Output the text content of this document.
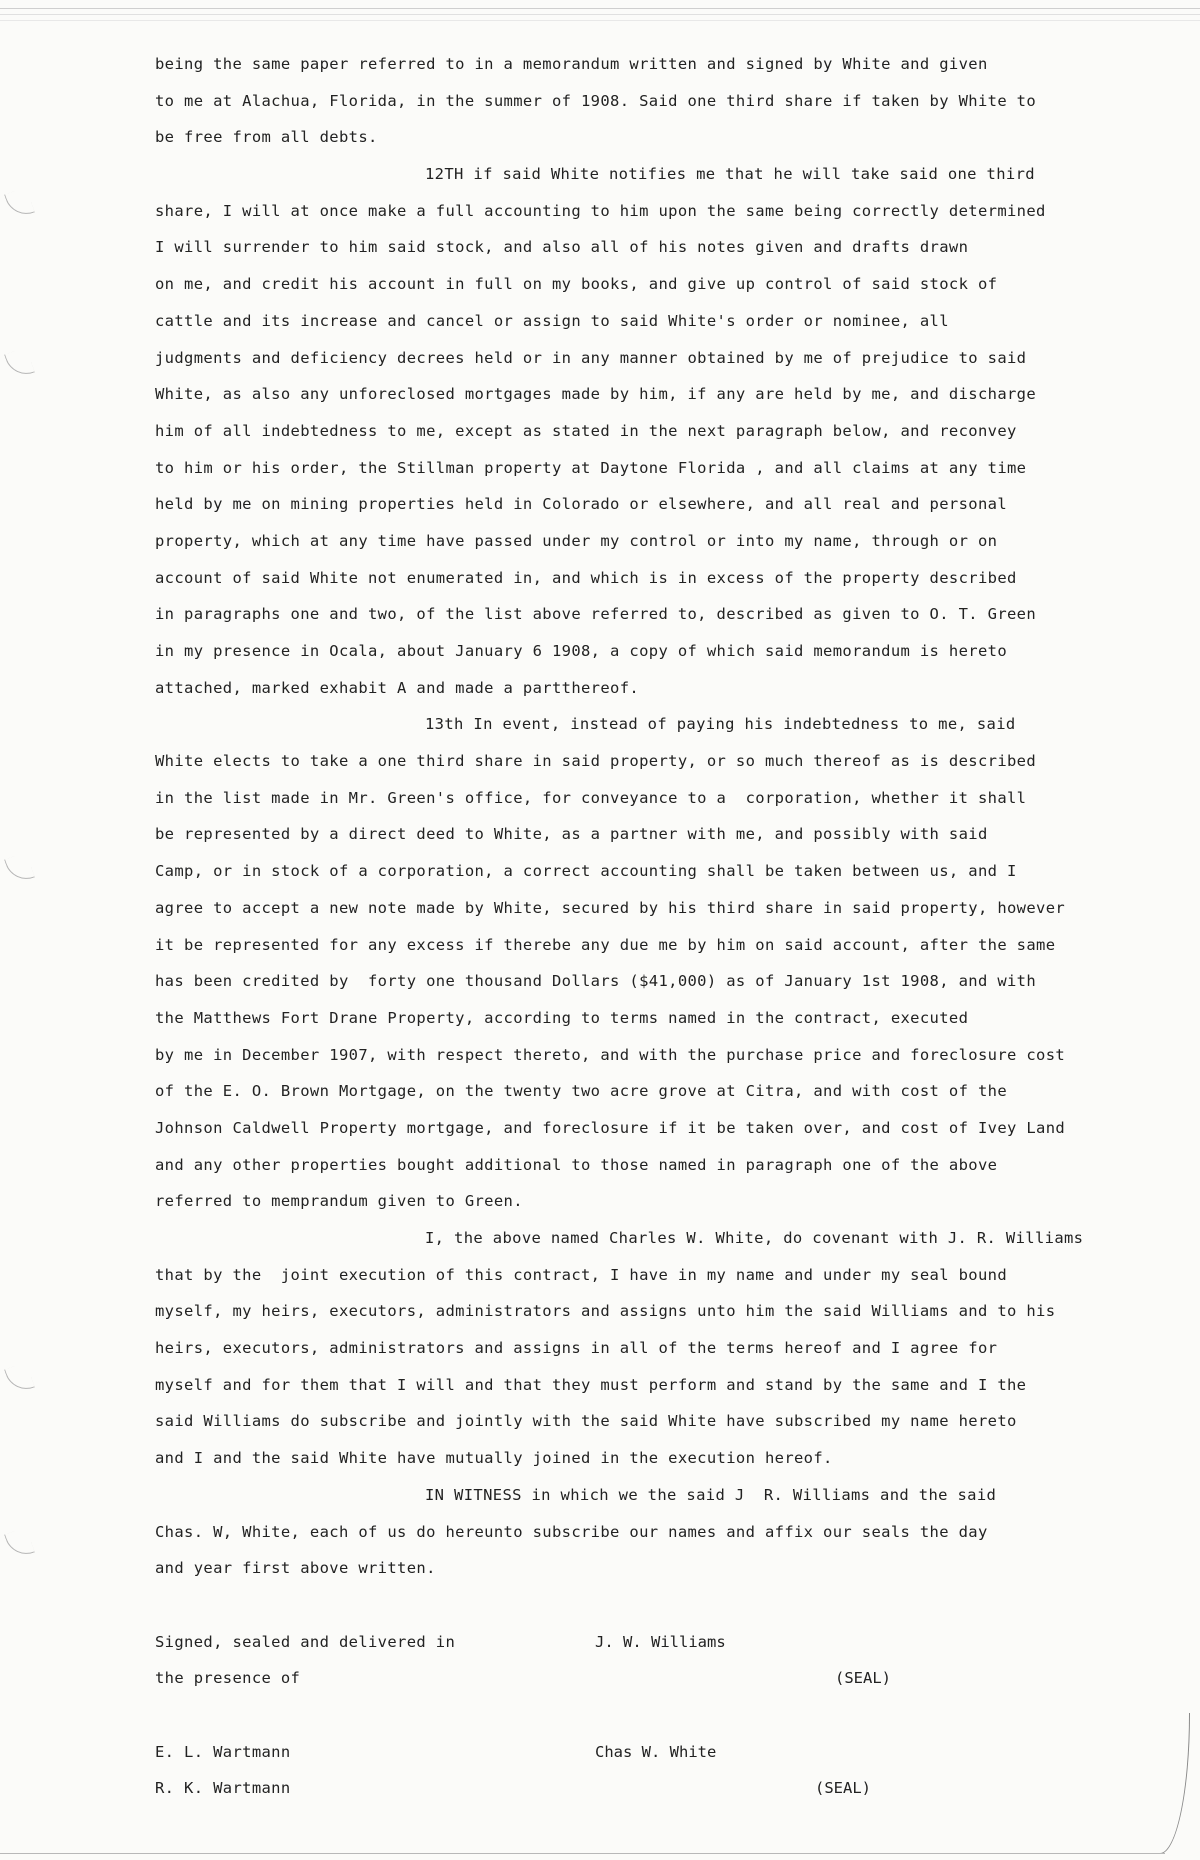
being the same paper referred to in a memorandum written and signed by White and given
to me at Alachua, Florida, in the summer of 1908. Said one third share if taken by White to
be free from all debts.
12TH if said White notifies me that he will take said one third
share, I will at once make a full accounting to him upon the same being correctly determined
I will surrender to him said stock, and also all of his notes given and drafts drawn
on me, and credit his account in full on my books, and give up control of said stock of
cattle and its increase and cancel or assign to said White's order or nominee, all
judgments and deficiency decrees held or in any manner obtained by me of prejudice to said
White, as also any unforeclosed mortgages made by him, if any are held by me, and discharge
him of all indebtedness to me, except as stated in the next paragraph below, and reconvey
to him or his order, the Stillman property at Daytone Florida , and all claims at any time
held by me on mining properties held in Colorado or elsewhere, and all real and personal
property, which at any time have passed under my control or into my name, through or on
account of said White not enumerated in, and which is in excess of the property described
in paragraphs one and two, of the list above referred to, described as given to O. T. Green
in my presence in Ocala, about January 6 1908, a copy of which said memorandum is hereto
attached, marked exhabit A and made a partthereof.
13th In event, instead of paying his indebtedness to me, said
White elects to take a one third share in said property, or so much thereof as is described
in the list made in Mr. Green's office, for conveyance to a  corporation, whether it shall
be represented by a direct deed to White, as a partner with me, and possibly with said
Camp, or in stock of a corporation, a correct accounting shall be taken between us, and I
agree to accept a new note made by White, secured by his third share in said property, however
it be represented for any excess if therebe any due me by him on said account, after the same
has been credited by  forty one thousand Dollars ($41,000) as of January 1st 1908, and with
the Matthews Fort Drane Property, according to terms named in the contract, executed
by me in December 1907, with respect thereto, and with the purchase price and foreclosure cost
of the E. O. Brown Mortgage, on the twenty two acre grove at Citra, and with cost of the
Johnson Caldwell Property mortgage, and foreclosure if it be taken over, and cost of Ivey Land
and any other properties bought additional to those named in paragraph one of the above
referred to memprandum given to Green.
I, the above named Charles W. White, do covenant with J. R. Williams
that by the  joint execution of this contract, I have in my name and under my seal bound
myself, my heirs, executors, administrators and assigns unto him the said Williams and to his
heirs, executors, administrators and assigns in all of the terms hereof and I agree for
myself and for them that I will and that they must perform and stand by the same and I the
said Williams do subscribe and jointly with the said White have subscribed my name hereto
and I and the said White have mutually joined in the execution hereof.
IN WITNESS in which we the said J  R. Williams and the said
Chas. W, White, each of us do hereunto subscribe our names and affix our seals the day
and year first above written.

J. W. Williams

(SEAL)

Signed, sealed and delivered in
the presence of

Chas W. White

(SEAL)

E. L. Wartmann
R. K. Wartmann
